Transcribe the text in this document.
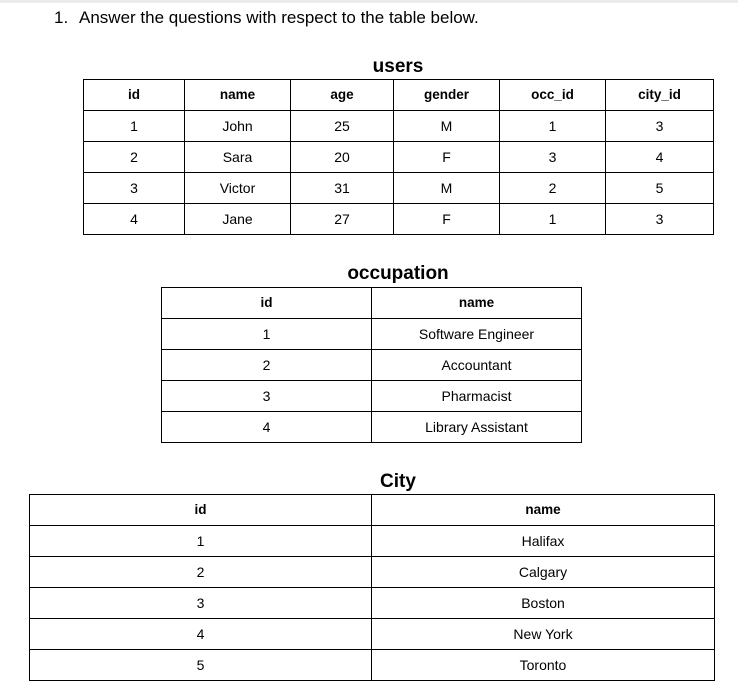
1. Answer the questions with respect to the table below.
users
id	name	age	gender	occ_id	city_id
1	John	25	M	1	3
2	Sara	20	F	3	4
3	Victor	31	M	2	5
4	Jane	27	F	1	3
occupation
id	name
1	Software Engineer
2	Accountant
3	Pharmacist
4	Library Assistant
City
id	name
1	Halifax
2	Calgary
3	Boston
4	New York
5	Toronto
